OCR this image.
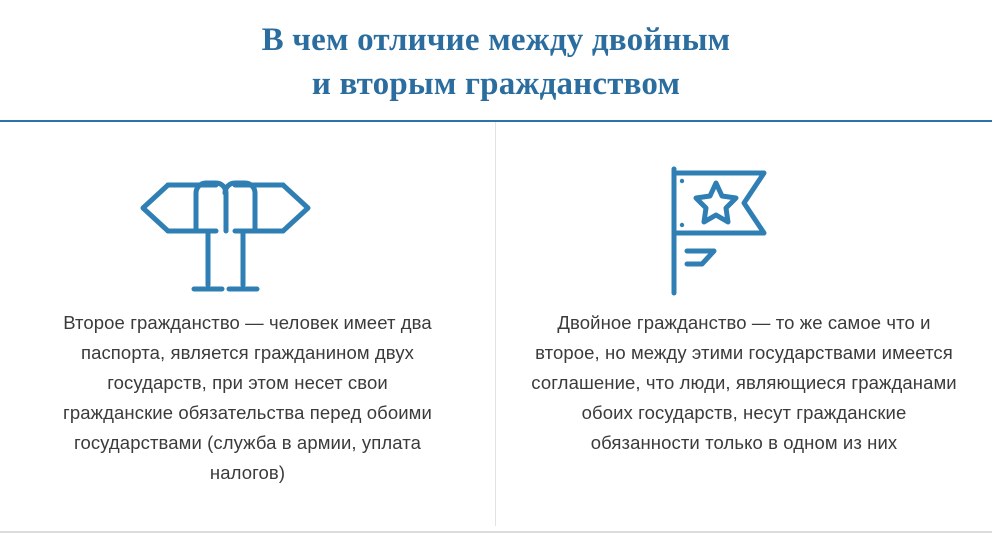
В чем отличие между двойным
и вторым гражданством

Второе гражданство — человек имеет два паспорта, является гражданином двух государств, при этом несет свои гражданские обязательства перед обоими государствами (служба в армии, уплата налогов)

Двойное гражданство — то же самое что и второе, но между этими государствами имеется соглашение, что люди, являющиеся гражданами обоих государств, несут гражданские обязанности только в одном из них
